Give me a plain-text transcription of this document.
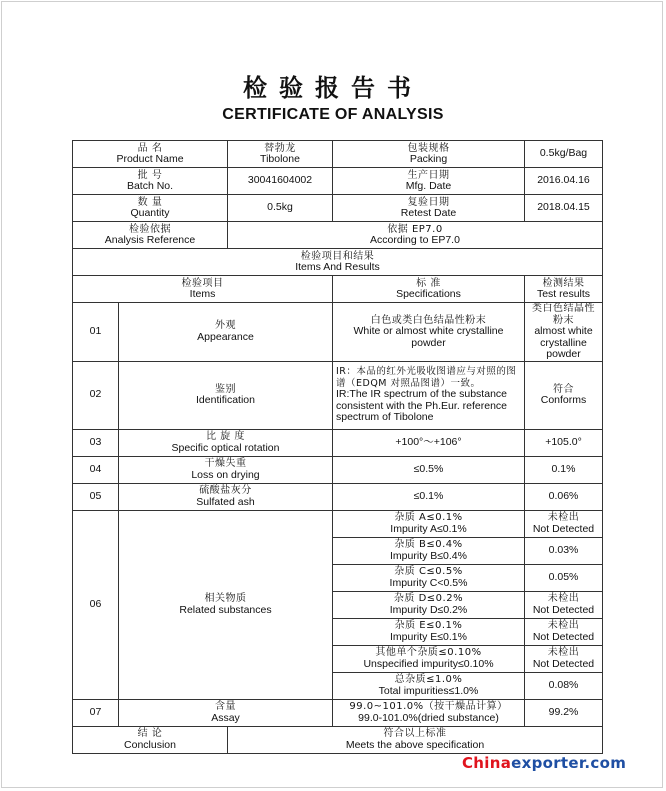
检验报告书
CERTIFICATE OF ANALYSIS
品 名
Product Name		替勃龙
Tibolone	包装规格
Packing	0.5kg/Bag

批 号
Batch No.		30041604002	生产日期
Mfg. Date	2016.04.16

数 量
Quantity		0.5kg	复验日期
Retest Date	2018.04.15

检验依据
Analysis Reference		依据 EP7.0
According to EP7.0		

检验项目和结果
Items And Results				

检验项目
Items			标 准
Specifications	检测结果
Test results

01	外观
Appearance		白色或类白色结晶性粉末
White or almost white crystalline powder	类白色结晶性粉末
almost white crystalline powder

02	鉴别
Identification		IR：本品的红外光吸收图谱应与对照的图谱（EDQM 对照品图谱）一致。
IR:The IR spectrum of the substance consistent with the Ph.Eur. reference spectrum of Tibolone	符合
Conforms

03	比 旋 度
Specific optical rotation		+100°～+106°	+105.0°
04	干燥失重
Loss on drying		≤0.5%	0.1%
05	硫酸盐灰分
Sulfated ash		≤0.1%	0.06%
06	相关物质
Related substances		杂质 A≤0.1%
Impurity A≤0.1%	未检出
Not Detected

			杂质 B≤0.4%
Impurity B≤0.4%	0.03%

			杂质 C≤0.5%
Impurity C<0.5%	0.05%

			杂质 D≤0.2%
Impurity D≤0.2%	未检出
Not Detected

			杂质 E≤0.1%
Impurity E≤0.1%	未检出
Not Detected

			其他单个杂质≤0.10%
Unspecified impurity≤0.10%	未检出
Not Detected

			总杂质≤1.0%
Total impurities≤1.0%	0.08%
07	含量
Assay		99.0~101.0%（按干燥品计算）
99.0-101.0%(dried substance)	99.2%

结 论
Conclusion		符合以上标准
Meets the above specification		
Chinaexporter.com
